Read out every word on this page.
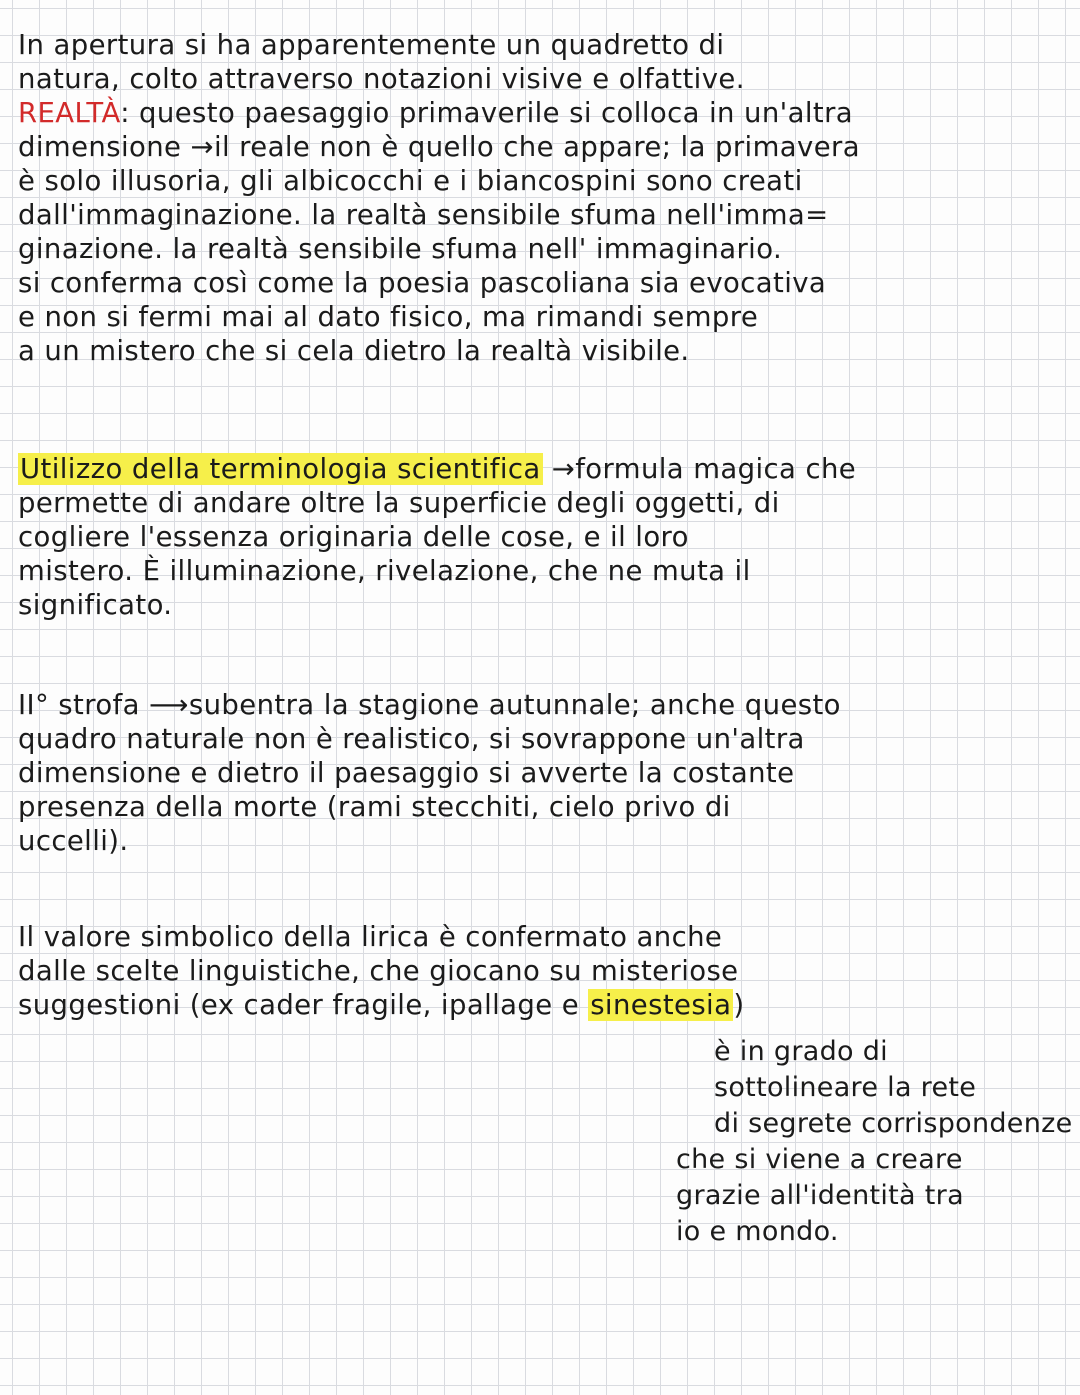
In apertura si ha apparentemente un quadretto di
natura, colto attraverso notazioni visive e olfattive.
REALTÀ: questo paesaggio primaverile si colloca in un'altra
dimensione →il reale non è quello che appare; la primavera
è solo illusoria, gli albicocchi e i biancospini sono creati
dall'immaginazione. la realtà sensibile sfuma nell'imma=
ginazione. la realtà sensibile sfuma nell' immaginario.
si conferma così come la poesia pascoliana sia evocativa
e non si fermi mai al dato fisico, ma rimandi sempre
a un mistero che si cela dietro la realtà visibile.
Utilizzo della terminologia scientifica →formula magica che
permette di andare oltre la superficie degli oggetti, di
cogliere l'essenza originaria delle cose, e il loro
mistero. È illuminazione, rivelazione, che ne muta il
significato.
II° strofa ⟶subentra la stagione autunnale; anche questo
quadro naturale non è realistico, si sovrappone un'altra
dimensione e dietro il paesaggio si avverte la costante
presenza della morte (rami stecchiti, cielo privo di
uccelli).
Il valore simbolico della lirica è confermato anche
dalle scelte linguistiche, che giocano su misteriose
suggestioni (ex cader fragile, ipallage e sinestesia)
è in grado di
sottolineare la rete
di segrete corrispondenze
che si viene a creare
grazie all'identità tra
io e mondo.
